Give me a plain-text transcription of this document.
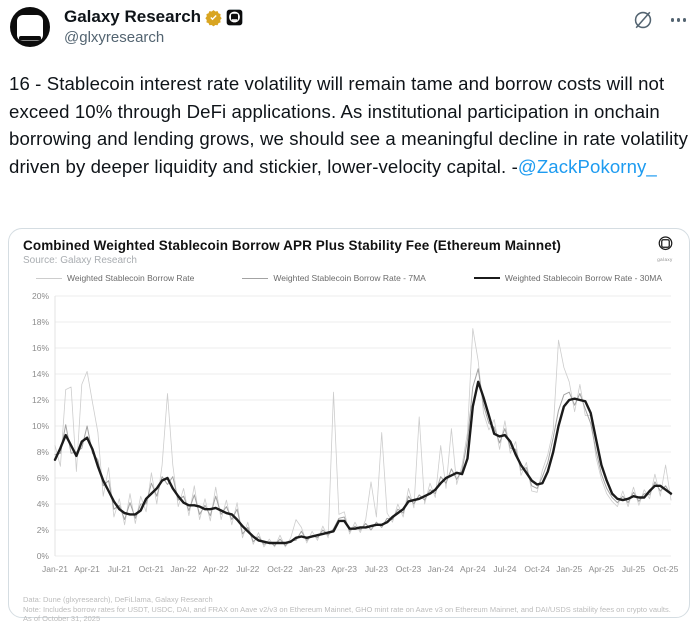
Galaxy Research
@glxyresearch
16 - Stablecoin interest rate volatility will remain tame and borrow costs will not exceed 10% through DeFi applications. As institutional participation in onchain borrowing and lending grows, we should see a meaningful decline in rate volatility driven by deeper liquidity and stickier, lower-velocity capital. -@ZackPokorny_
Combined Weighted Stablecoin Borrow APR Plus Stability Fee (Ethereum Mainnet)
Source: Galaxy Research	galaxy
Weighted Stablecoin Borrow Rate	Weighted Stablecoin Borrow Rate - 7MA	Weighted Stablecoin Borrow Rate - 30MA
0%
2%
4%
6%
8%
10%
12%
14%
16%
18%
20%
Jan-21 Apr-21 Jul-21 Oct-21 Jan-22 Apr-22 Jul-22 Oct-22 Jan-23 Apr-23 Jul-23 Oct-23 Jan-24 Apr-24 Jul-24 Oct-24 Jan-25 Apr-25 Jul-25 Oct-25
Data: Dune (glxyresearch), DeFiLlama, Galaxy Research
Note: Includes borrow rates for USDT, USDC, DAI, and FRAX on Aave v2/v3 on Ethereum Mainnet, GHO mint rate on Aave v3 on Ethereum Mainnet, and DAI/USDS stability fees on crypto vaults.
As of October 31, 2025
